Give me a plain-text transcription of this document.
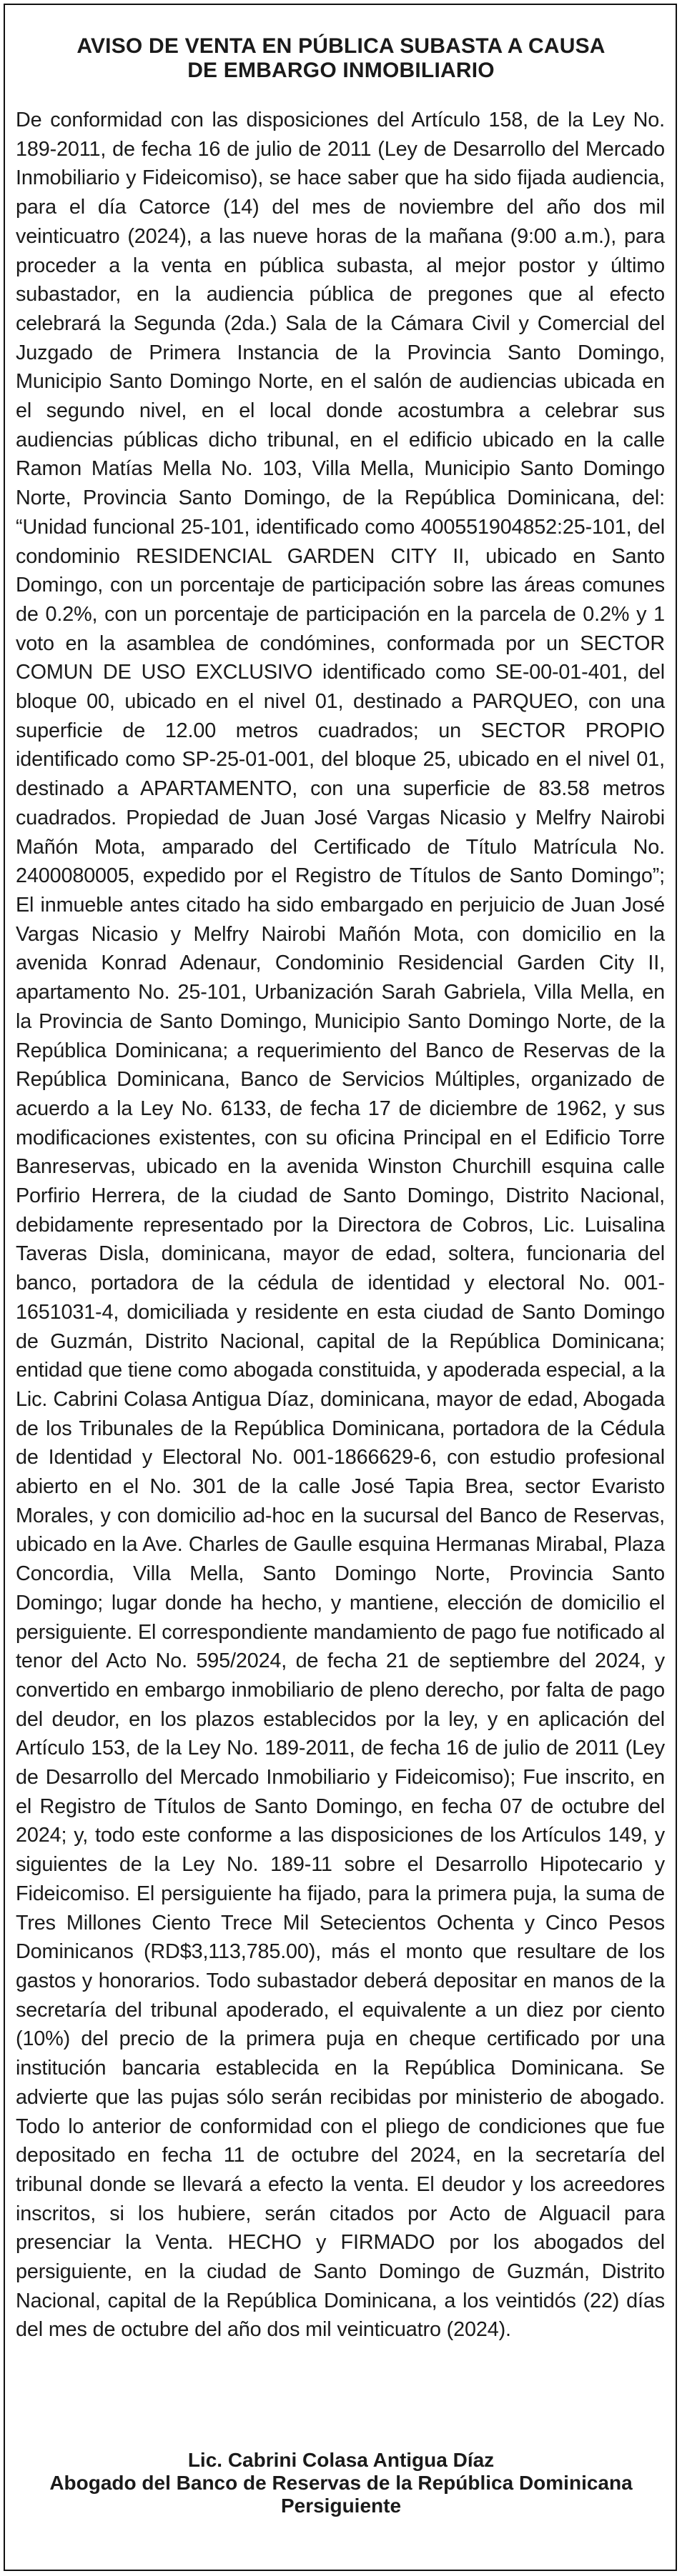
AVISO DE VENTA EN PÚBLICA SUBASTA A CAUSA
DE EMBARGO INMOBILIARIO

De conformidad con las disposiciones del Artículo 158, de la Ley No. 189-2011, de fecha 16 de julio de 2011 (Ley de Desarrollo del Mercado Inmobiliario y Fideicomiso), se hace saber que ha sido fijada audiencia, para el día Catorce (14) del mes de noviembre del año dos mil veinticuatro (2024), a las nueve horas de la mañana (9:00 a.m.), para proceder a la venta en pública subasta, al mejor postor y último subastador, en la audiencia pública de pregones que al efecto celebrará la Segunda (2da.) Sala de la Cámara Civil y Comercial del Juzgado de Primera Instancia de la Provincia Santo Domingo, Municipio Santo Domingo Norte, en el salón de audiencias ubicada en el segundo nivel, en el local donde acostumbra a celebrar sus audiencias públicas dicho tribunal, en el edificio ubicado en la calle Ramon Matías Mella No. 103, Villa Mella, Municipio Santo Domingo Norte, Provincia Santo Domingo, de la República Dominicana, del: “Unidad funcional 25-101, identificado como 400551904852:25-101, del condominio RESIDENCIAL GARDEN CITY II, ubicado en Santo Domingo, con un porcentaje de participación sobre las áreas comunes de 0.2%, con un porcentaje de participación en la parcela de 0.2% y 1 voto en la asamblea de condómines, conformada por un SECTOR COMUN DE USO EXCLUSIVO identificado como SE-00-01-401, del bloque 00, ubicado en el nivel 01, destinado a PARQUEO, con una superficie de 12.00 metros cuadrados; un SECTOR PROPIO identificado como SP-25-01-001, del bloque 25, ubicado en el nivel 01, destinado a APARTAMENTO, con una superficie de 83.58 metros cuadrados. Propiedad de Juan José Vargas Nicasio y Melfry Nairobi Mañón Mota, amparado del Certificado de Título Matrícula No. 2400080005, expedido por el Registro de Títulos de Santo Domingo”; El inmueble antes citado ha sido embargado en perjuicio de Juan José Vargas Nicasio y Melfry Nairobi Mañón Mota, con domicilio en la avenida Konrad Adenaur, Condominio Residencial Garden City II, apartamento No. 25-101, Urbanización Sarah Gabriela, Villa Mella, en la Provincia de Santo Domingo, Municipio Santo Domingo Norte, de la República Dominicana; a requerimiento del Banco de Reservas de la República Dominicana, Banco de Servicios Múltiples, organizado de acuerdo a la Ley No. 6133, de fecha 17 de diciembre de 1962, y sus modificaciones existentes, con su oficina Principal en el Edificio Torre Banreservas, ubicado en la avenida Winston Churchill esquina calle Porfirio Herrera, de la ciudad de Santo Domingo, Distrito Nacional, debidamente representado por la Directora de Cobros, Lic. Luisalina Taveras Disla, dominicana, mayor de edad, soltera, funcionaria del banco, portadora de la cédula de identidad y electoral No. 001-1651031-4, domiciliada y residente en esta ciudad de Santo Domingo de Guzmán, Distrito Nacional, capital de la República Dominicana; entidad que tiene como abogada constituida, y apoderada especial, a la Lic. Cabrini Colasa Antigua Díaz, dominicana, mayor de edad, Abogada de los Tribunales de la República Dominicana, portadora de la Cédula de Identidad y Electoral No. 001-1866629-6, con estudio profesional abierto en el No. 301 de la calle José Tapia Brea, sector Evaristo Morales, y con domicilio ad-hoc en la sucursal del Banco de Reservas, ubicado en la Ave. Charles de Gaulle esquina Hermanas Mirabal, Plaza Concordia, Villa Mella, Santo Domingo Norte, Provincia Santo Domingo; lugar donde ha hecho, y mantiene, elección de domicilio el persiguiente. El correspondiente mandamiento de pago fue notificado al tenor del Acto No. 595/2024, de fecha 21 de septiembre del 2024, y convertido en embargo inmobiliario de pleno derecho, por falta de pago del deudor, en los plazos establecidos por la ley, y en aplicación del Artículo 153, de la Ley No. 189-2011, de fecha 16 de julio de 2011 (Ley de Desarrollo del Mercado Inmobiliario y Fideicomiso); Fue inscrito, en el Registro de Títulos de Santo Domingo, en fecha 07 de octubre del 2024; y, todo este conforme a las disposiciones de los Artículos 149, y siguientes de la Ley No. 189-11 sobre el Desarrollo Hipotecario y Fideicomiso. El persiguiente ha fijado, para la primera puja, la suma de Tres Millones Ciento Trece Mil Setecientos Ochenta y Cinco Pesos Dominicanos (RD$3,113,785.00), más el monto que resultare de los gastos y honorarios. Todo subastador deberá depositar en manos de la secretaría del tribunal apoderado, el equivalente a un diez por ciento (10%) del precio de la primera puja en cheque certificado por una institución bancaria establecida en la República Dominicana. Se advierte que las pujas sólo serán recibidas por ministerio de abogado. Todo lo anterior de conformidad con el pliego de condiciones que fue depositado en fecha 11 de octubre del 2024, en la secretaría del tribunal donde se llevará a efecto la venta. El deudor y los acreedores inscritos, si los hubiere, serán citados por Acto de Alguacil para presenciar la Venta. HECHO y FIRMADO por los abogados del persiguiente, en la ciudad de Santo Domingo de Guzmán, Distrito Nacional, capital de la República Dominicana, a los veintidós (22) días del mes de octubre del año dos mil veinticuatro (2024).

Lic. Cabrini Colasa Antigua Díaz
Abogado del Banco de Reservas de la República Dominicana
Persiguiente
